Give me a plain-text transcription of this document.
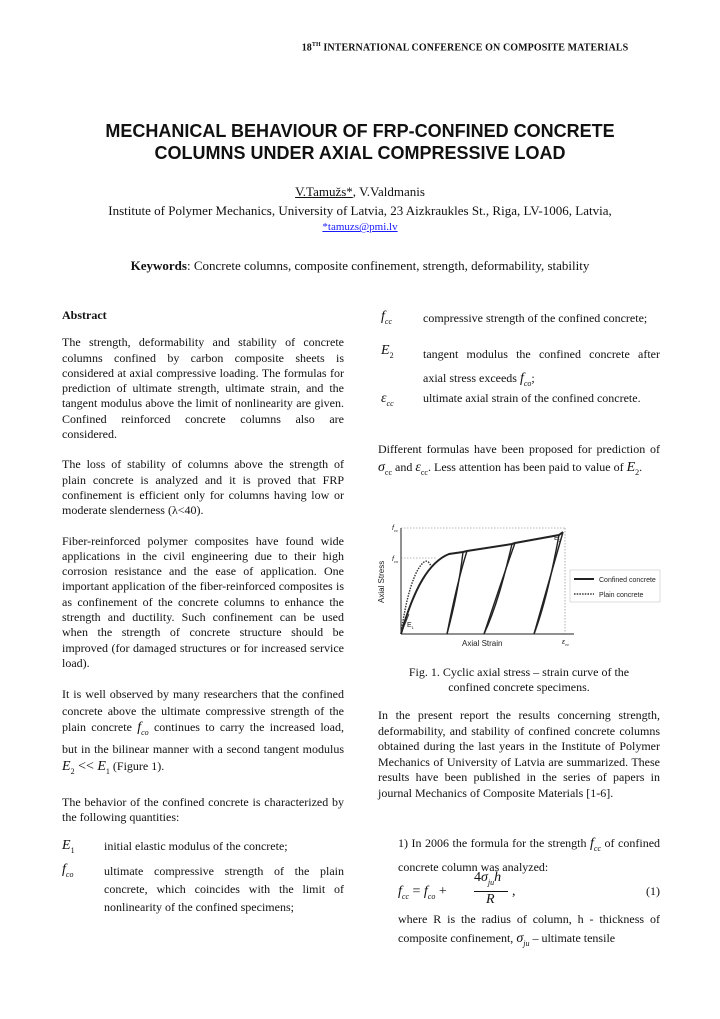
18TH INTERNATIONAL CONFERENCE ON COMPOSITE MATERIALS
MECHANICAL BEHAVIOUR OF FRP-CONFINED CONCRETE
COLUMNS UNDER AXIAL COMPRESSIVE LOAD
V.Tamužs*, V.Valdmanis
Institute of Polymer Mechanics, University of Latvia, 23 Aizkraukles St., Riga, LV-1006, Latvia,
*tamuzs@pmi.lv
Keywords: Concrete columns, composite confinement, strength, deformability, stability

Abstract

The strength, deformability and stability of concrete columns confined by carbon composite sheets is considered at axial compressive loading. The formulas for prediction of ultimate strength, ultimate strain, and the tangent modulus above the limit of nonlinearity are given. Confined reinforced concrete columns also are considered.

The loss of stability of columns above the strength of plain concrete is analyzed and it is proved that FRP confinement is efficient only for columns having low or moderate slenderness (λ<40).

Fiber-reinforced polymer composites have found wide applications in the civil engineering due to their high corrosion resistance and the ease of application. One important application of the fiber-reinforced composites is as confinement of the concrete columns to enhance the strength and ductility. Such confinement can be used when the strength of concrete structure should be improved (for damaged structures or for increased service load).

It is well observed by many researchers that the confined concrete above the ultimate compressive strength of the plain concrete $f_{co}$ continues to carry the increased load, but in the bilinear manner with a second tangent modulus $E_2 << E_1$ (Figure 1).

The behavior of the confined concrete is characterized by the following quantities:

$E_1$ initial elastic modulus of the concrete;
$f_{co}$	ultimate compressive strength of the plain concrete, which coincides with the limit of nonlinearity of the confined specimens;
$f_{cc}$	compressive strength of the confined concrete;
$E_2$ tangent modulus the confined concrete after axial stress exceeds $f_{co}$;
$\varepsilon_{cc}$ ultimate axial strain of the confined concrete.
Different formulas have been proposed for prediction of $\sigma_{cc}$ and $\varepsilon_{cc}$. Less attention has been paid to value of $E_2$.
Axial Stress
Axial Strain
$f_{cc}$
$f_{co}$
$\varepsilon_{cc}$
$E_2$
$E_1$
Confined concrete
Plain concrete
Fig. 1. Cyclic axial stress – strain curve of the
confined concrete specimens.
In the present report the results concerning strength, deformability, and stability of confined concrete columns obtained during the last years in the Institute of Polymer Mechanics of University of Latvia are summarized. These results have been published in the series of papers in journal Mechanics of Composite Materials [1-6].
1) In 2006 the formula for the strength $f_{cc}$ of confined concrete column was analyzed:
$f_{cc} = f_{co}$ +
$4\sigma_{ju}h$
R
,	(1)
where R is the radius of column, h - thickness of composite confinement, $\sigma_{ju}$ – ultimate tensile
